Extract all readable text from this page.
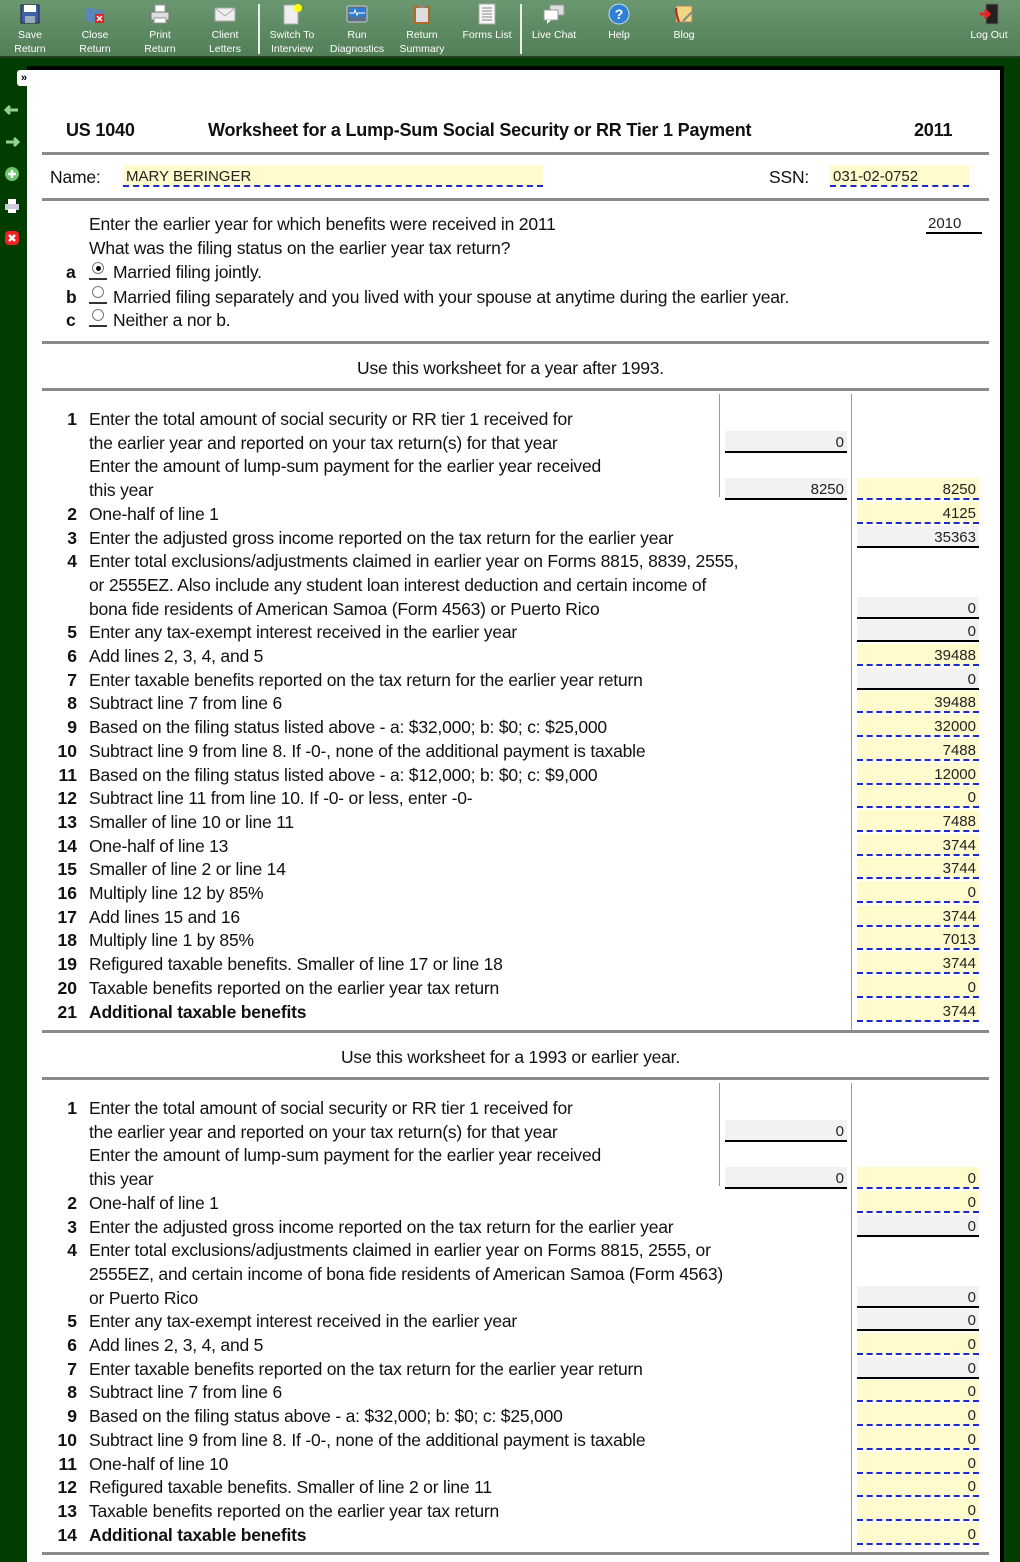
Save
Return
Close
Return
Print
Return
Client
Letters
Switch To
Interview
Run
Diagnostics
Return
Summary
Forms List	Live Chat
?
Help	Blog	Log Out
»
US 1040	Worksheet for a Lump-Sum Social Security or RR Tier 1 Payment	2011
Name: MARY BERINGER	SSN: 031-02-0752
Enter the earlier year for which benefits were received in 2011	2010
What was the filing status on the earlier year tax return?
a Married filing jointly.
b Married filing separately and you lived with your spouse at anytime during the earlier year.
c Neither a nor b.
Use this worksheet for a year after 1993.
Use this worksheet for a 1993 or earlier year.
1 Enter the total amount of social security or RR tier 1 received for
the earlier year and reported on your tax return(s) for that year	0
Enter the amount of lump-sum payment for the earlier year received
this year	8250	8250
2 One-half of line 1	4125
3 Enter the adjusted gross income reported on the tax return for the earlier year	35363
4 Enter total exclusions/adjustments claimed in earlier year on Forms 8815, 8839, 2555,
or 2555EZ. Also include any student loan interest deduction and certain income of
bona fide residents of American Samoa (Form 4563) or Puerto Rico	0
5 Enter any tax-exempt interest received in the earlier year	0
6 Add lines 2, 3, 4, and 5	39488
7 Enter taxable benefits reported on the tax return for the earlier year return	0
8 Subtract line 7 from line 6	39488
9 Based on the filing status listed above - a: $32,000; b: $0; c: $25,000	32000
10 Subtract line 9 from line 8. If -0-, none of the additional payment is taxable	7488
11 Based on the filing status listed above - a: $12,000; b: $0; c: $9,000	12000
12 Subtract line 11 from line 10. If -0- or less, enter -0-	0
13 Smaller of line 10 or line 11	7488
14 One-half of line 13	3744
15 Smaller of line 2 or line 14	3744
16 Multiply line 12 by 85%	0
17 Add lines 15 and 16	3744
18 Multiply line 1 by 85%	7013
19 Refigured taxable benefits. Smaller of line 17 or line 18	3744
20 Taxable benefits reported on the earlier year tax return	0
21 Additional taxable benefits	3744
1 Enter the total amount of social security or RR tier 1 received for
the earlier year and reported on your tax return(s) for that year	0
Enter the amount of lump-sum payment for the earlier year received
this year	0	0
2 One-half of line 1	0
3 Enter the adjusted gross income reported on the tax return for the earlier year	0
4 Enter total exclusions/adjustments claimed in earlier year on Forms 8815, 2555, or
2555EZ, and certain income of bona fide residents of American Samoa (Form 4563)
or Puerto Rico	0
5 Enter any tax-exempt interest received in the earlier year	0
6 Add lines 2, 3, 4, and 5	0
7 Enter taxable benefits reported on the tax return for the earlier year return	0
8 Subtract line 7 from line 6	0
9 Based on the filing status above - a: $32,000; b: $0; c: $25,000	0
10 Subtract line 9 from line 8. If -0-, none of the additional payment is taxable	0
11 One-half of line 10	0
12 Refigured taxable benefits. Smaller of line 2 or line 11	0
13 Taxable benefits reported on the earlier year tax return	0
14 Additional taxable benefits	0
